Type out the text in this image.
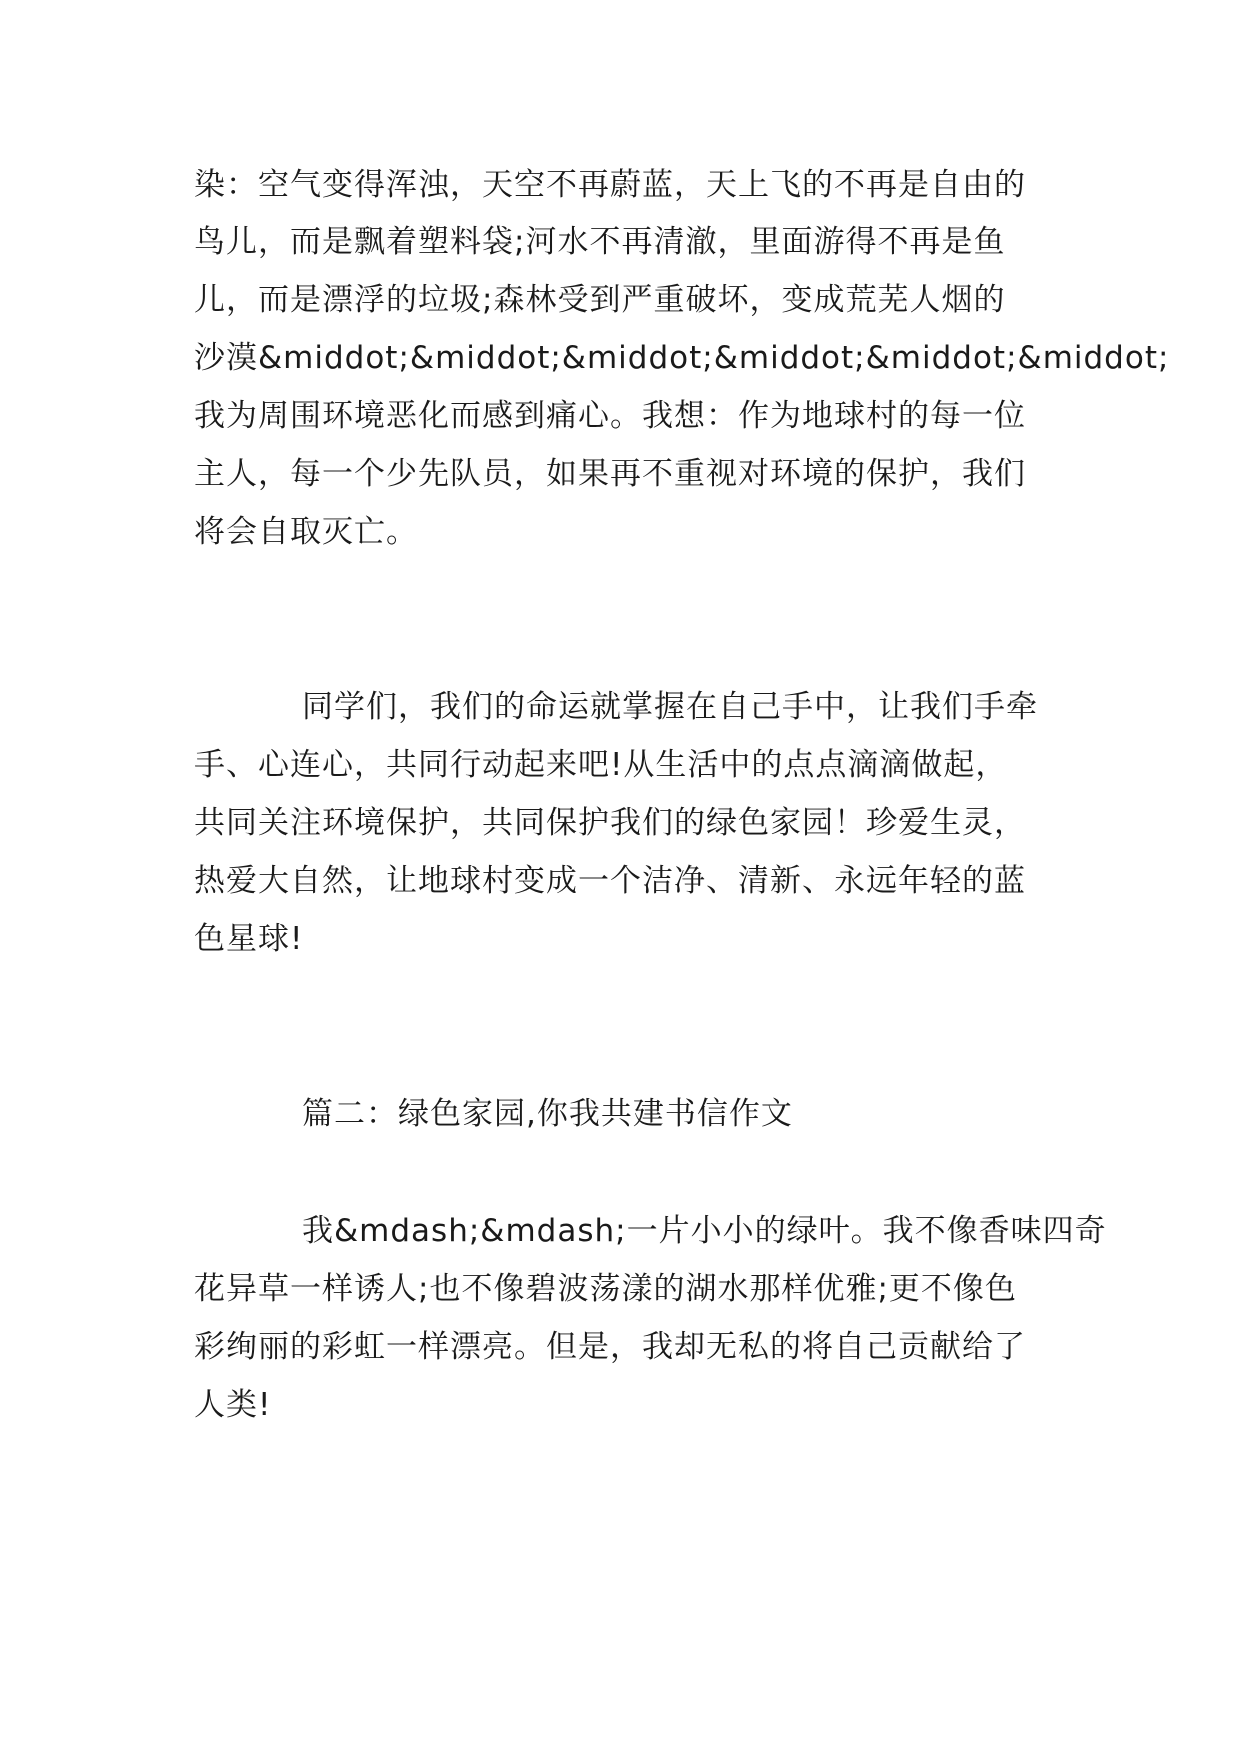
染：空气变得浑浊，天空不再蔚蓝，天上飞的不再是自由的
鸟儿，而是飘着塑料袋;河水不再清澈，里面游得不再是鱼
儿，而是漂浮的垃圾;森林受到严重破坏，变成荒芜人烟的
沙漠&middot;&middot;&middot;&middot;&middot;&middot;
我为周围环境恶化而感到痛心。我想：作为地球村的每一位
主人，每一个少先队员，如果再不重视对环境的保护，我们
将会自取灭亡。
同学们，我们的命运就掌握在自己手中，让我们手牵
手、心连心，共同行动起来吧!从生活中的点点滴滴做起，
共同关注环境保护，共同保护我们的绿色家园！珍爱生灵，
热爱大自然，让地球村变成一个洁净、清新、永远年轻的蓝
色星球!
篇二：绿色家园,你我共建书信作文
我&mdash;&mdash;一片小小的绿叶。我不像香味四奇
花异草一样诱人;也不像碧波荡漾的湖水那样优雅;更不像色
彩绚丽的彩虹一样漂亮。但是，我却无私的将自己贡献给了
人类!
